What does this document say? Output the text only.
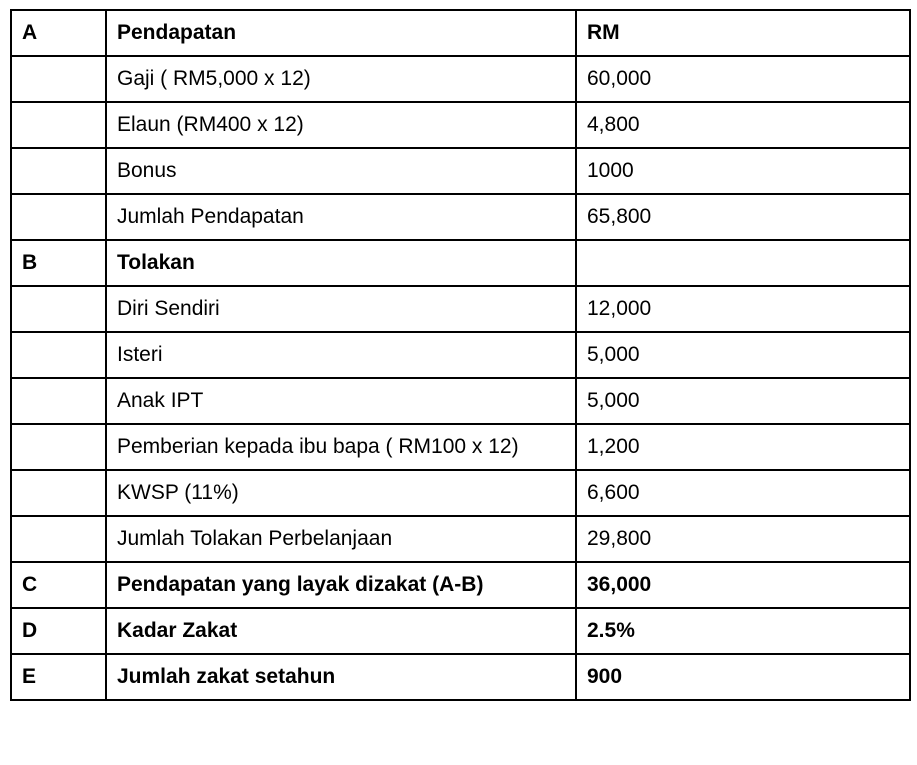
A	Pendapatan	RM
	Gaji ( RM5,000 x 12)	60,000
	Elaun (RM400 x 12)	4,800
	Bonus	1000
	Jumlah Pendapatan	65,800
B	Tolakan	
	Diri Sendiri	12,000
	Isteri	5,000
	Anak IPT	5,000
	Pemberian kepada ibu bapa ( RM100 x 12)	1,200
	KWSP (11%)	6,600
	Jumlah Tolakan Perbelanjaan	29,800
C	Pendapatan yang layak dizakat (A-B)	36,000
D	Kadar Zakat	2.5%
E	Jumlah zakat setahun	900
